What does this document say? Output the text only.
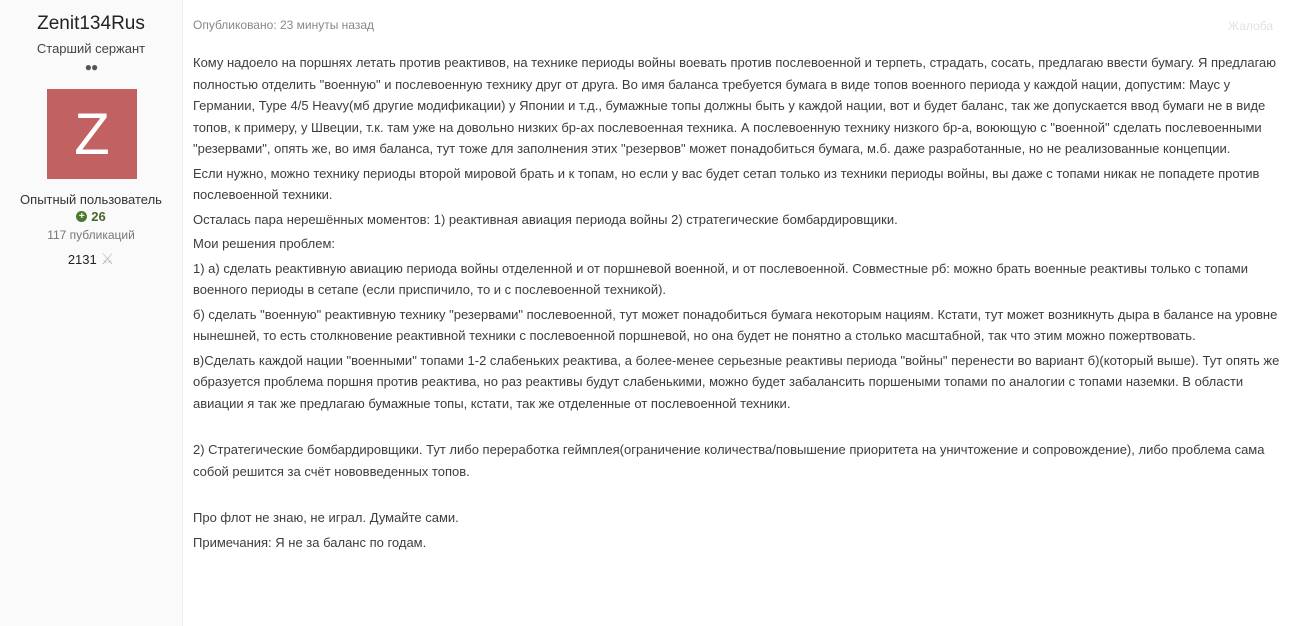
Zenit134Rus
Старший сержант
●●
Z
Опытный пользователь
+ 26
117 публикаций
2131 ⚔
Опубликовано: 23 минуты назад	Жалоба

Кому надоело на поршнях летать против реактивов, на технике периоды войны воевать против послевоенной и терпеть, страдать, сосать, предлагаю ввести бумагу. Я предлагаю полностью отделить "военную" и послевоенную технику друг от друга. Во имя баланса требуется бумага в виде топов военного периода у каждой нации, допустим: Маус у Германии, Type 4/5 Heavy(мб другие модификации) у Японии и т.д., бумажные топы должны быть у каждой нации, вот и будет баланс, так же допускается ввод бумаги не в виде топов, к примеру, у Швеции, т.к. там уже на довольно низких бр-ах послевоенная техника. А послевоенную технику низкого бр-а, воюющую с "военной" сделать послевоенными "резервами", опять же, во имя баланса, тут тоже для заполнения этих "резервов" может понадобиться бумага, м.б. даже разработанные, но не реализованные концепции.

Если нужно, можно технику периоды второй мировой брать и к топам, но если у вас будет сетап только из техники периоды войны, вы даже с топами никак не попадете против послевоенной техники.

Осталась пара нерешённых моментов: 1) реактивная авиация периода войны 2) стратегические бомбардировщики.

Мои решения проблем:

1) а) сделать реактивную авиацию периода войны отделенной и от поршневой военной, и от послевоенной. Совместные рб: можно брать военные реактивы только с топами военного периоды в сетапе (если приспичило, то и с послевоенной техникой).

б) сделать "военную" реактивную технику "резервами" послевоенной, тут может понадобиться бумага некоторым нациям. Кстати, тут может возникнуть дыра в балансе на уровне нынешней, то есть столкновение реактивной техники с послевоенной поршневой, но она будет не понятно а столько масштабной, так что этим можно пожертвовать.

в)Сделать каждой нации "военными" топами 1-2 слабеньких реактива, а более-менее серьезные реактивы периода "войны" перенести во вариант б)(который выше). Тут опять же образуется проблема поршня против реактива, но раз реактивы будут слабенькими, можно будет забалансить поршеными топами по аналогии с топами наземки. В области авиации я так же предлагаю бумажные топы, кстати, так же отделенные от послевоенной техники.

2) Стратегические бомбардировщики. Тут либо переработка геймплея(ограничение количества/повышение приоритета на уничтожение и сопровождение), либо проблема сама собой решится за счёт нововведенных топов.

Про флот не знаю, не играл. Думайте сами.

Примечания: Я не за баланс по годам.
